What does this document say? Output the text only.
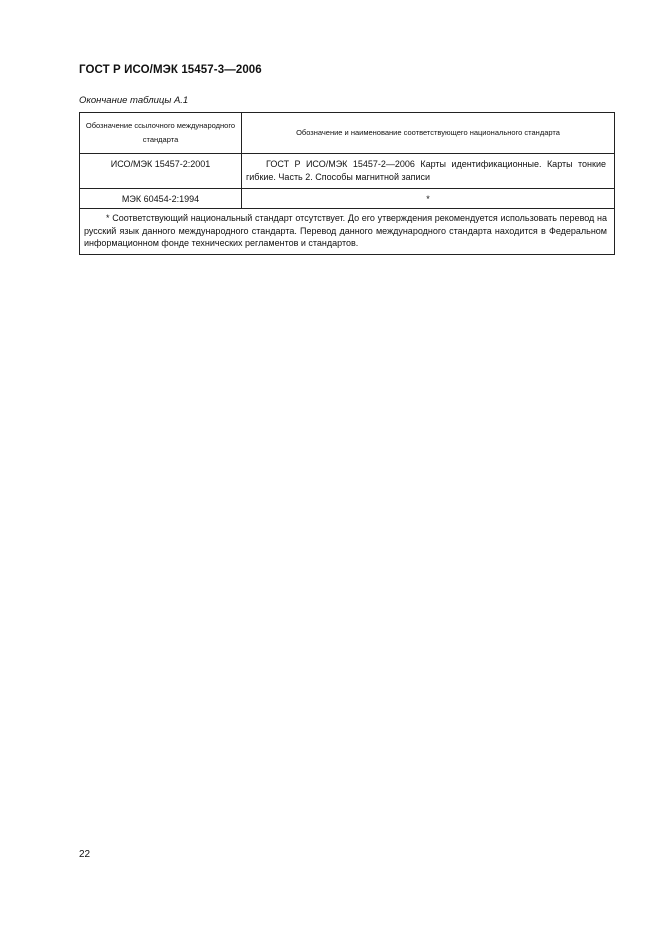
ГОСТ Р ИСО/МЭК 15457-3—2006
Окончание таблицы А.1
Обозначение ссылочного международного стандарта	Обозначение и наименование соответствующего национального стандарта
ИСО/МЭК 15457-2:2001	ГОСТ Р ИСО/МЭК 15457-2—2006 Карты идентификационные. Карты тонкие гибкие. Часть 2. Способы магнитной записи
МЭК 60454-2:1994	*
* Соответствующий национальный стандарт отсутствует. До его утверждения рекомендуется использовать перевод на русский язык данного международного стандарта. Перевод данного международного стандарта находится в Федеральном информационном фонде технических регламентов и стандартов.	
22
